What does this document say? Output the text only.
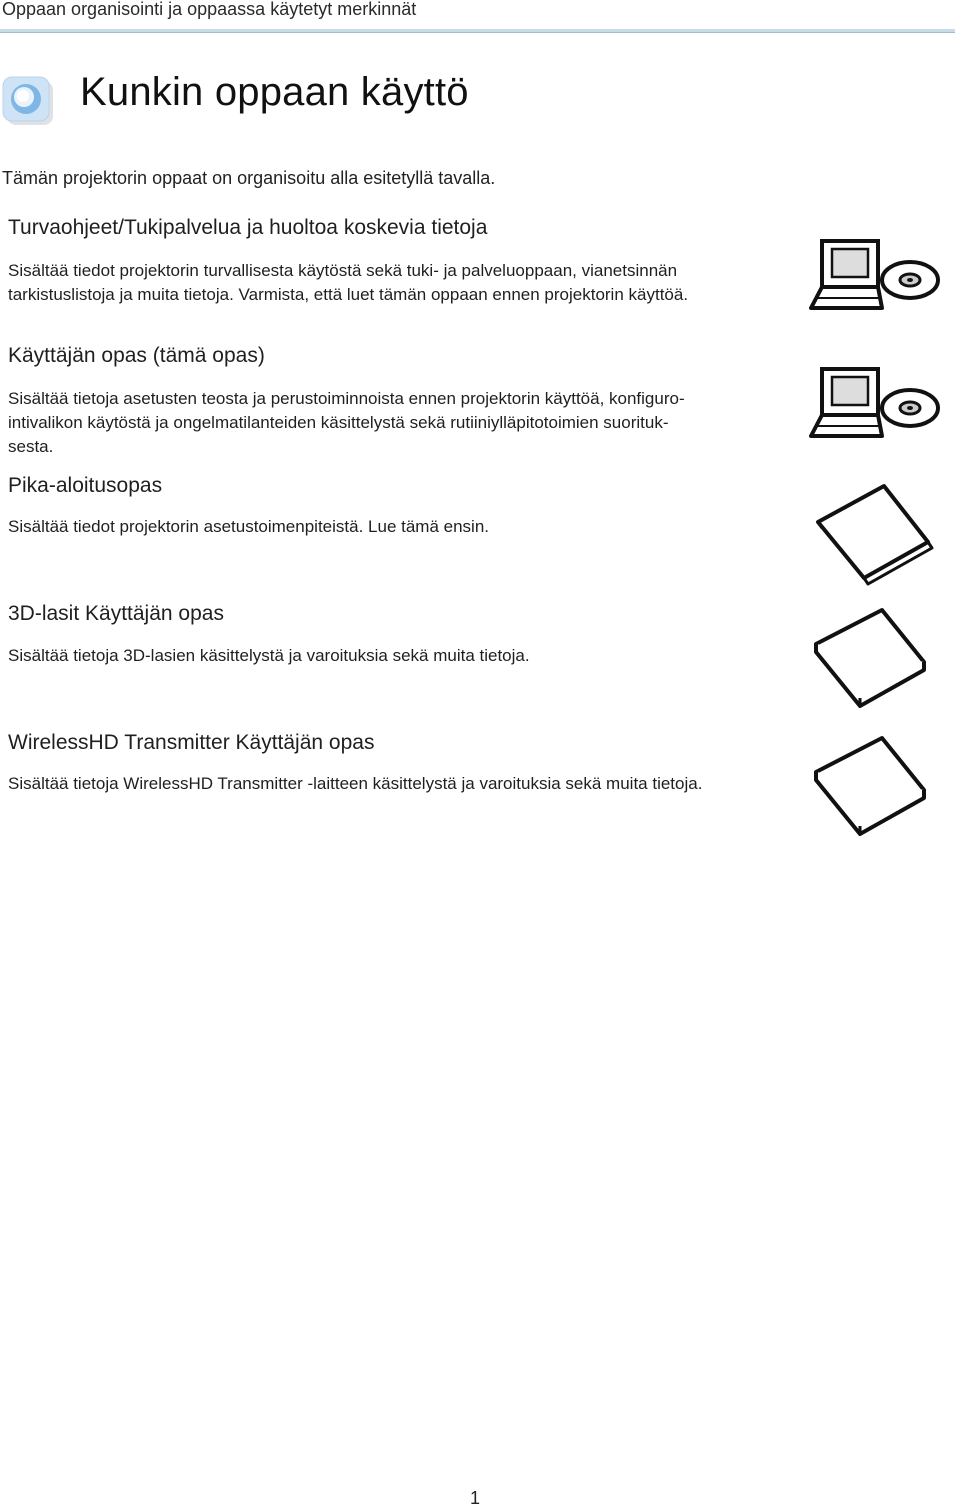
Oppaan organisointi ja oppaassa käytetyt merkinnät
Kunkin oppaan käyttö
Tämän projektorin oppaat on organisoitu alla esitetyllä tavalla.
Turvaohjeet/Tukipalvelua ja huoltoa koskevia tietoja
Sisältää tiedot projektorin turvallisesta käytöstä sekä tuki- ja palveluoppaan, vianetsinnän
tarkistuslistoja ja muita tietoja. Varmista, että luet tämän oppaan ennen projektorin käyttöä.
Käyttäjän opas (tämä opas)
Sisältää tietoja asetusten teosta ja perustoiminnoista ennen projektorin käyttöä, konfiguro-
intivalikon käytöstä ja ongelmatilanteiden käsittelystä sekä rutiiniylläpitotoimien suorituk-
sesta.
Pika-aloitusopas
Sisältää tiedot projektorin asetustoimenpiteistä. Lue tämä ensin.
3D-lasit Käyttäjän opas
Sisältää tietoja 3D-lasien käsittelystä ja varoituksia sekä muita tietoja.
WirelessHD Transmitter Käyttäjän opas
Sisältää tietoja WirelessHD Transmitter -laitteen käsittelystä ja varoituksia sekä muita tietoja.
1
